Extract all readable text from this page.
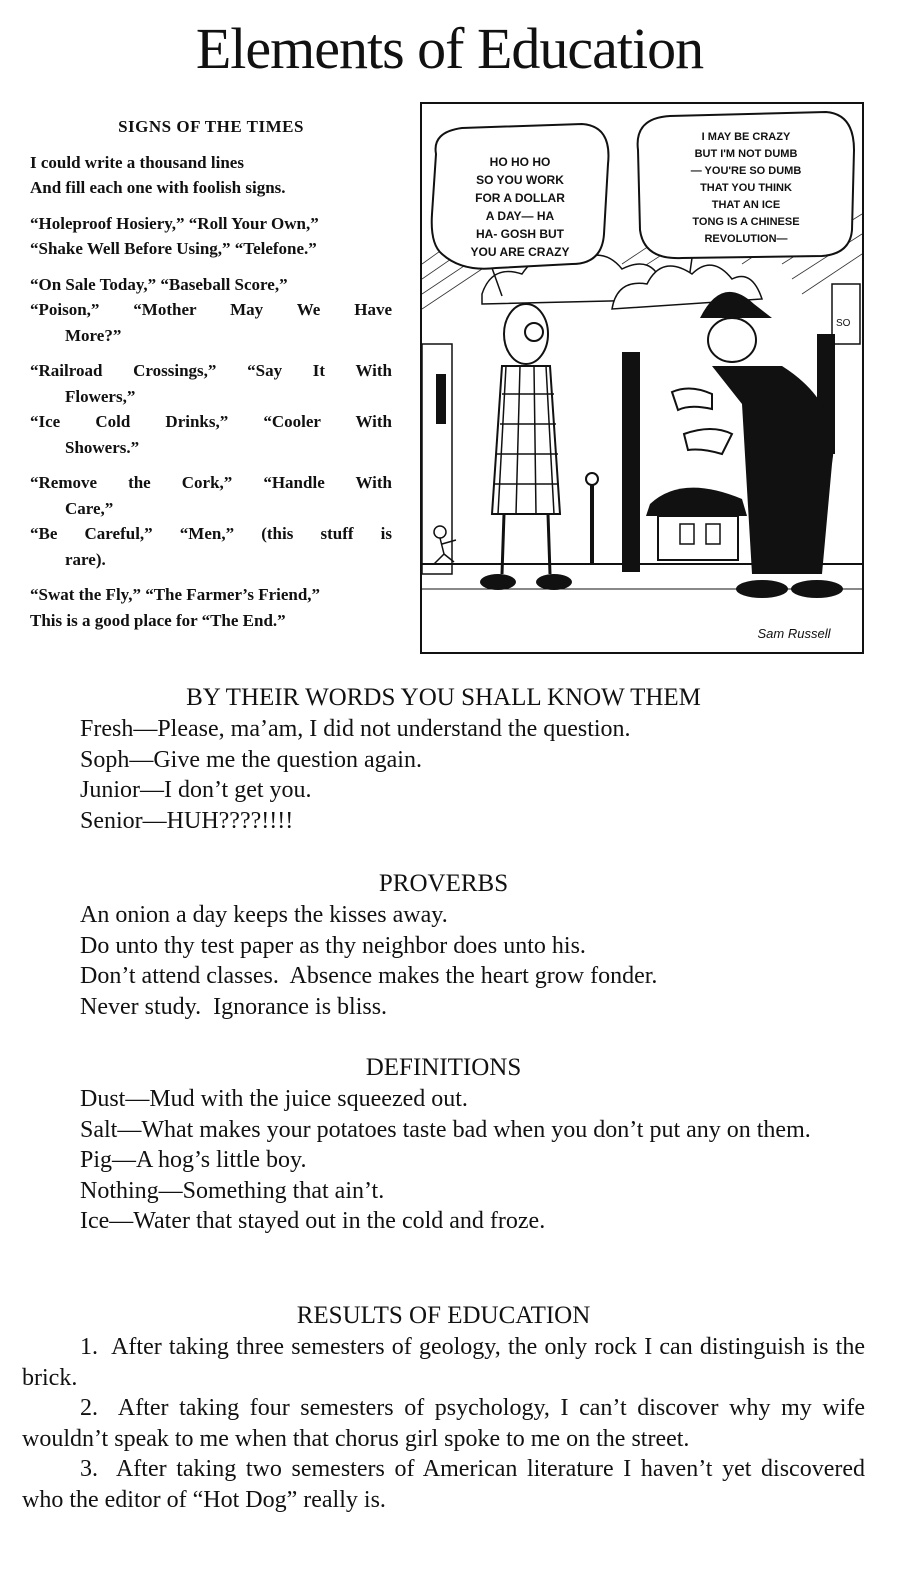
Elements of Education
SIGNS OF THE TIMES
I could write a thousand lines
And fill each one with foolish signs.
“Holeproof Hosiery,” “Roll Your Own,”
“Shake Well Before Using,” “Telefone.”
“On Sale Today,” “Baseball Score,”
“Poison,” “Mother May We Have
More?”
“Railroad Crossings,” “Say It With
Flowers,”
“Ice Cold Drinks,” “Cooler With
Showers.”
“Remove the Cork,” “Handle With
Care,”
“Be Careful,” “Men,” (this stuff is
rare).
“Swat the Fly,” “The Farmer’s Friend,”
This is a good place for “The End.”
SO
HO HO HO
SO YOU WORK
FOR A DOLLAR
A DAY— HA
HA- GOSH BUT
YOU ARE CRAZY
I MAY BE CRAZY
BUT I'M NOT DUMB
— YOU'RE SO DUMB
THAT YOU THINK
THAT AN ICE
TONG IS A CHINESE
REVOLUTION—
Sam Russell
BY THEIR WORDS YOU SHALL KNOW THEM
Fresh—Please, ma’am, I did not understand the question.
Soph—Give me the question again.
Junior—I don’t get you.
Senior—HUH????!!!!
PROVERBS
An onion a day keeps the kisses away.
Do unto thy test paper as thy neighbor does unto his.
Don’t attend classes.  Absence makes the heart grow fonder.
Never study.  Ignorance is bliss.
DEFINITIONS
Dust—Mud with the juice squeezed out.
Salt—What makes your potatoes taste bad when you don’t put any on them.
Pig—A hog’s little boy.
Nothing—Something that ain’t.
Ice—Water that stayed out in the cold and froze.
RESULTS OF EDUCATION
1.  After taking three semesters of geology, the only rock I can distinguish is the brick.
2.  After taking four semesters of psychology, I can’t discover why my wife wouldn’t speak to me when that chorus girl spoke to me on the street.
3.  After taking two semesters of American literature I haven’t yet discovered who the editor of “Hot Dog” really is.
